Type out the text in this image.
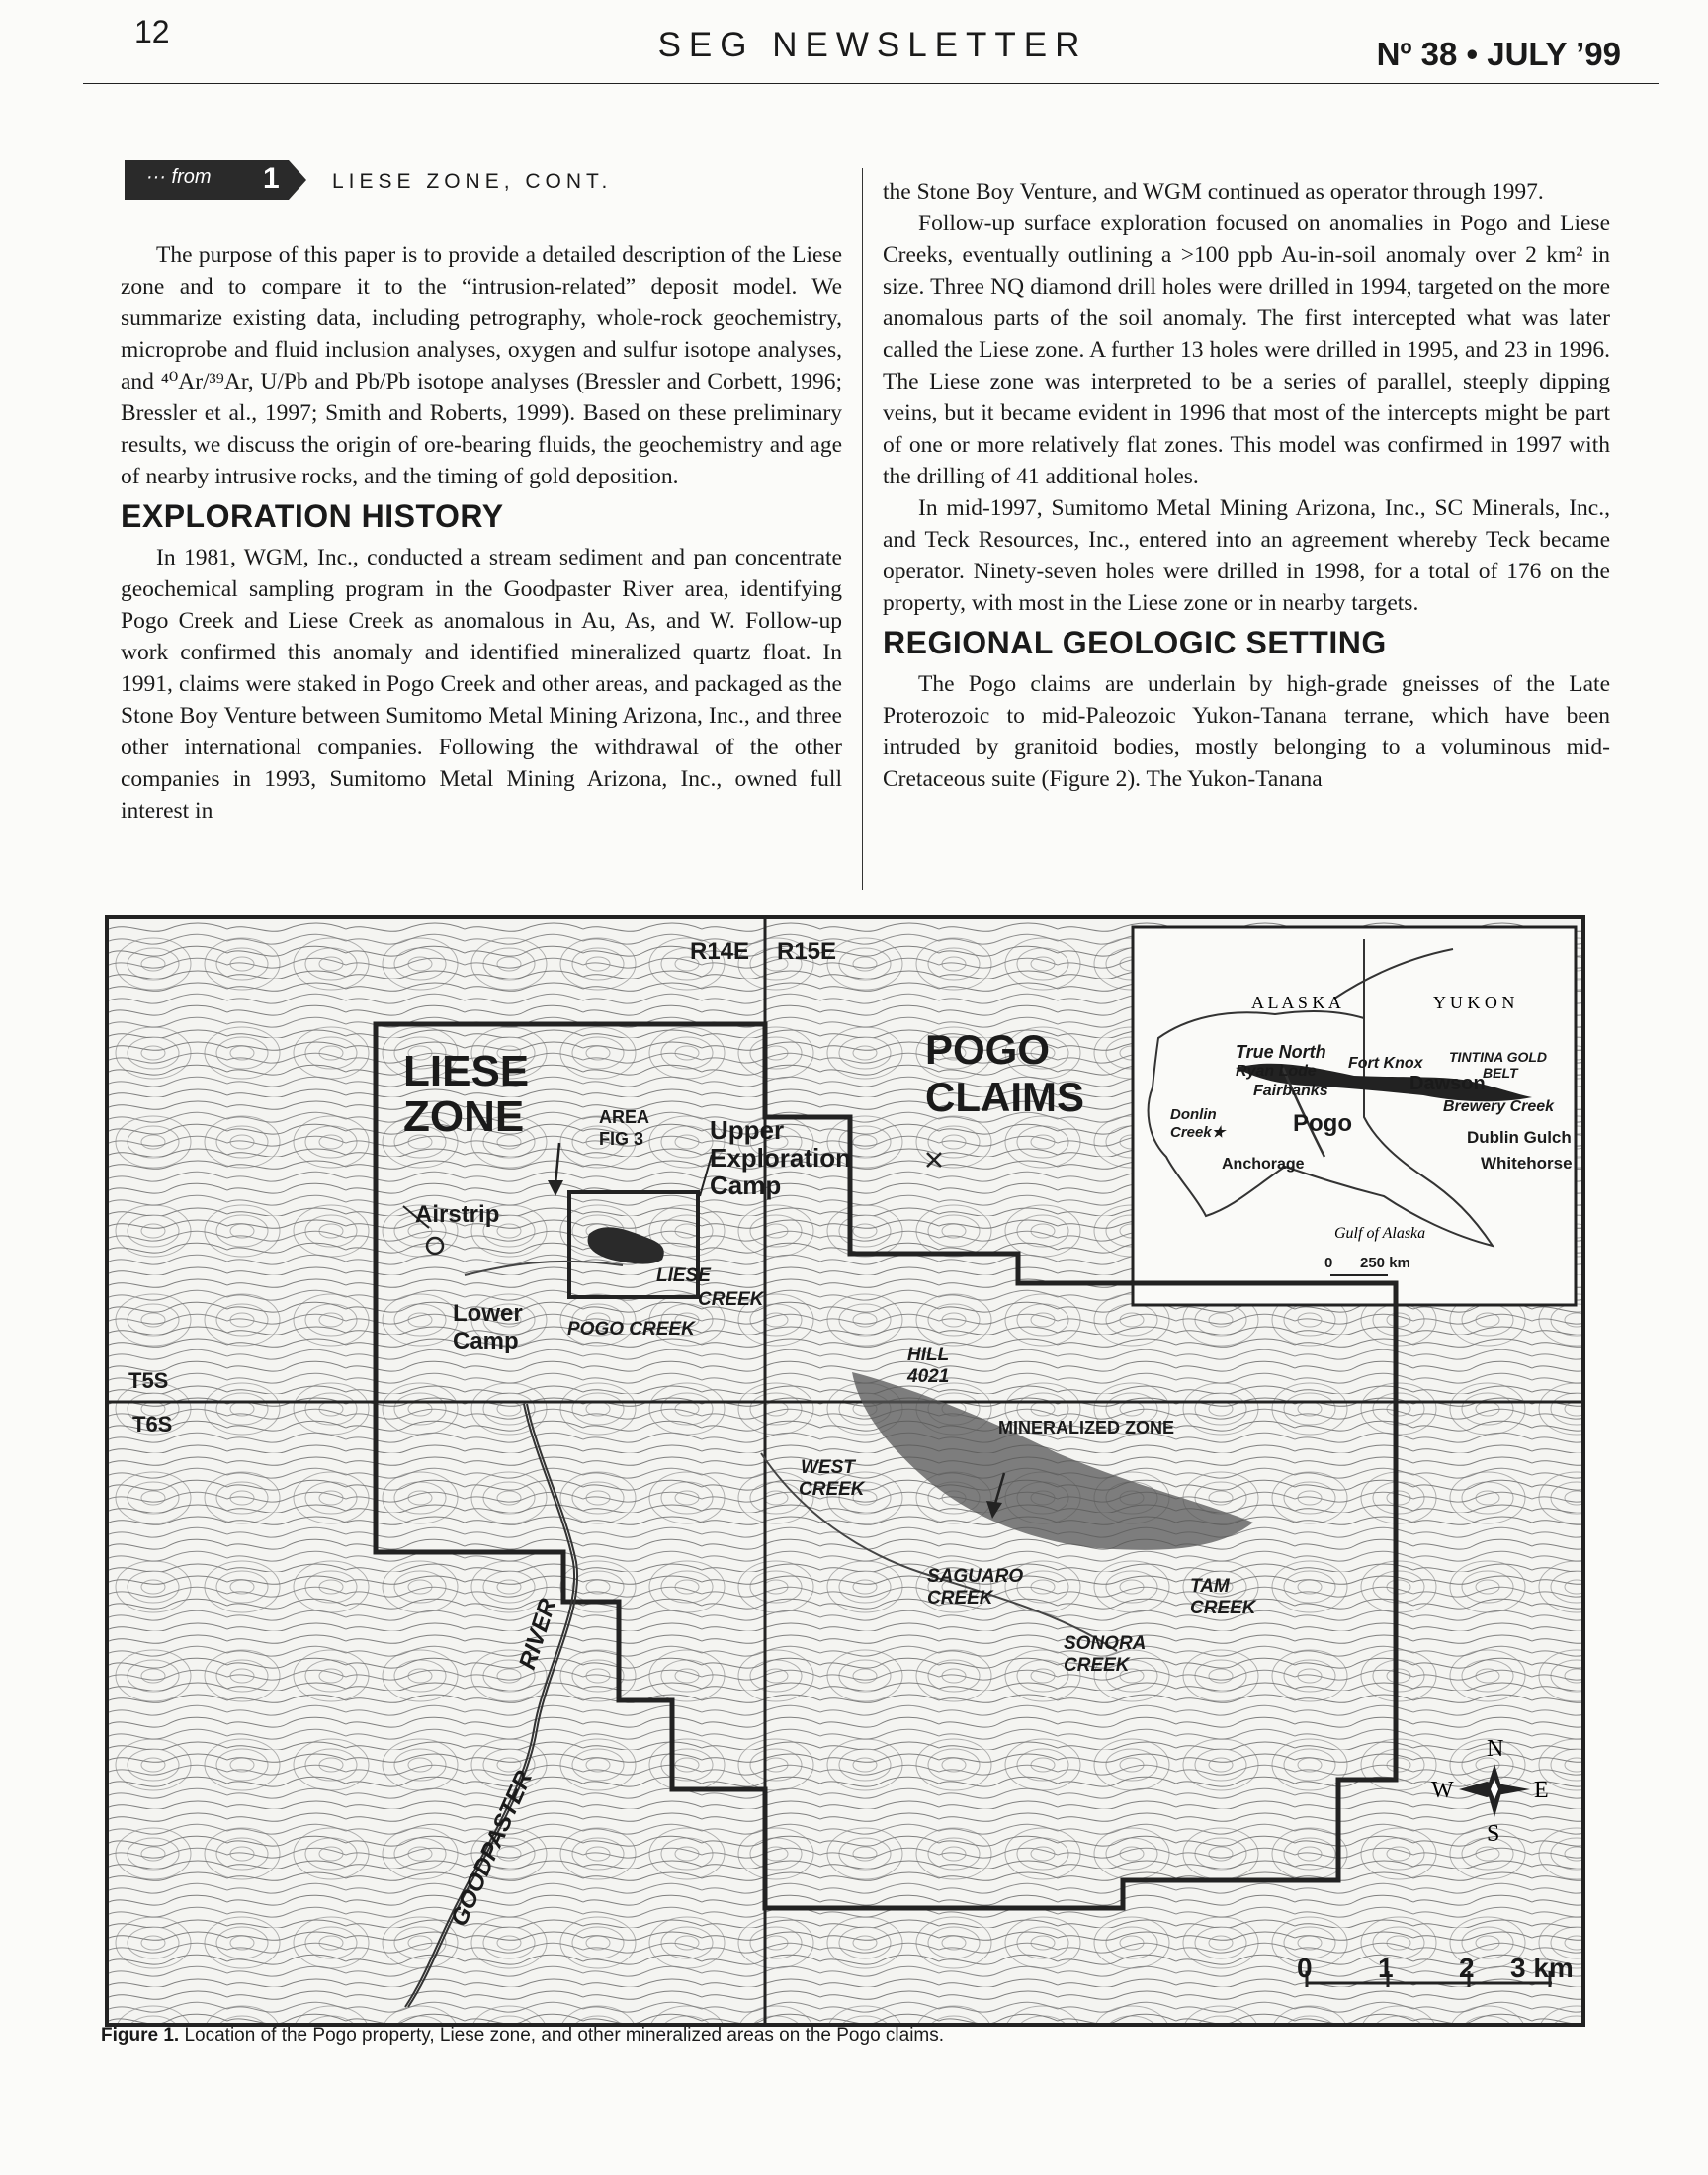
12	SEG NEWSLETTER	Nº 38 • JULY ’99
··· from 1	LIESE ZONE, CONT.

The purpose of this paper is to provide a detailed description of the Liese zone and to compare it to the “intrusion-related” deposit model. We summarize existing data, including petrography, whole-rock geochemistry, microprobe and fluid inclusion analyses, oxygen and sulfur isotope analyses, and ⁴⁰Ar/³⁹Ar, U/Pb and Pb/Pb isotope analyses (Bressler and Corbett, 1996; Bressler et al., 1997; Smith and Roberts, 1999). Based on these preliminary results, we discuss the origin of ore-bearing fluids, the geochemistry and age of nearby intrusive rocks, and the timing of gold deposition.

EXPLORATION HISTORY

In 1981, WGM, Inc., conducted a stream sediment and pan concentrate geochemical sampling program in the Goodpaster River area, identifying Pogo Creek and Liese Creek as anomalous in Au, As, and W. Follow-up work confirmed this anomaly and identified mineralized quartz float. In 1991, claims were staked in Pogo Creek and other areas, and packaged as the Stone Boy Venture between Sumitomo Metal Mining Arizona, Inc., and three other international companies. Following the withdrawal of the other companies in 1993, Sumitomo Metal Mining Arizona, Inc., owned full interest in

the Stone Boy Venture, and WGM continued as operator through 1997.

Follow-up surface exploration focused on anomalies in Pogo and Liese Creeks, eventually outlining a >100 ppb Au-in-soil anomaly over 2 km² in size. Three NQ diamond drill holes were drilled in 1994, targeted on the more anomalous parts of the soil anomaly. The first intercepted what was later called the Liese zone. A further 13 holes were drilled in 1995, and 23 in 1996. The Liese zone was interpreted to be a series of parallel, steeply dipping veins, but it became evident in 1996 that most of the intercepts might be part of one or more relatively flat zones. This model was confirmed in 1997 with the drilling of 41 additional holes.

In mid-1997, Sumitomo Metal Mining Arizona, Inc., SC Minerals, Inc., and Teck Resources, Inc., entered into an agreement whereby Teck became operator. Ninety-seven holes were drilled in 1998, for a total of 176 on the property, with most in the Liese zone or in nearby targets.

REGIONAL GEOLOGIC SETTING

The Pogo claims are underlain by high-grade gneisses of the Late Proterozoic to mid-Paleozoic Yukon-Tanana terrane, which have been intruded by granitoid bodies, mostly belonging to a voluminous mid-Cretaceous suite (Figure 2). The Yukon-Tanana

R14E R15E
T5S
T6S
LIESE
ZONE
POGO
CLAIMS
AREA
FIG 3	Upper
Exploration
Camp
Airstrip
Lower
Camp
LIESE
CREEK
POGO CREEK
HILL
4021
MINERALIZED ZONE
WEST
CREEK
SAGUARO
CREEK
TAM
CREEK
SONORA
CREEK
RIVER
GOODPASTER
N
S
E
W
0 1 2 3 km
A L A S K A	Y U K O N
TINTINA GOLD
BELT
True North
Ryan Lode Fort Knox
Fairbanks	Dawson
Brewery Creek
Donlin
Creek★	Pogo
Dublin Gulch
Anchorage	Whitehorse
Gulf of Alaska
0 250 km
Figure 1. Location of the Pogo property, Liese zone, and other mineralized areas on the Pogo claims.
